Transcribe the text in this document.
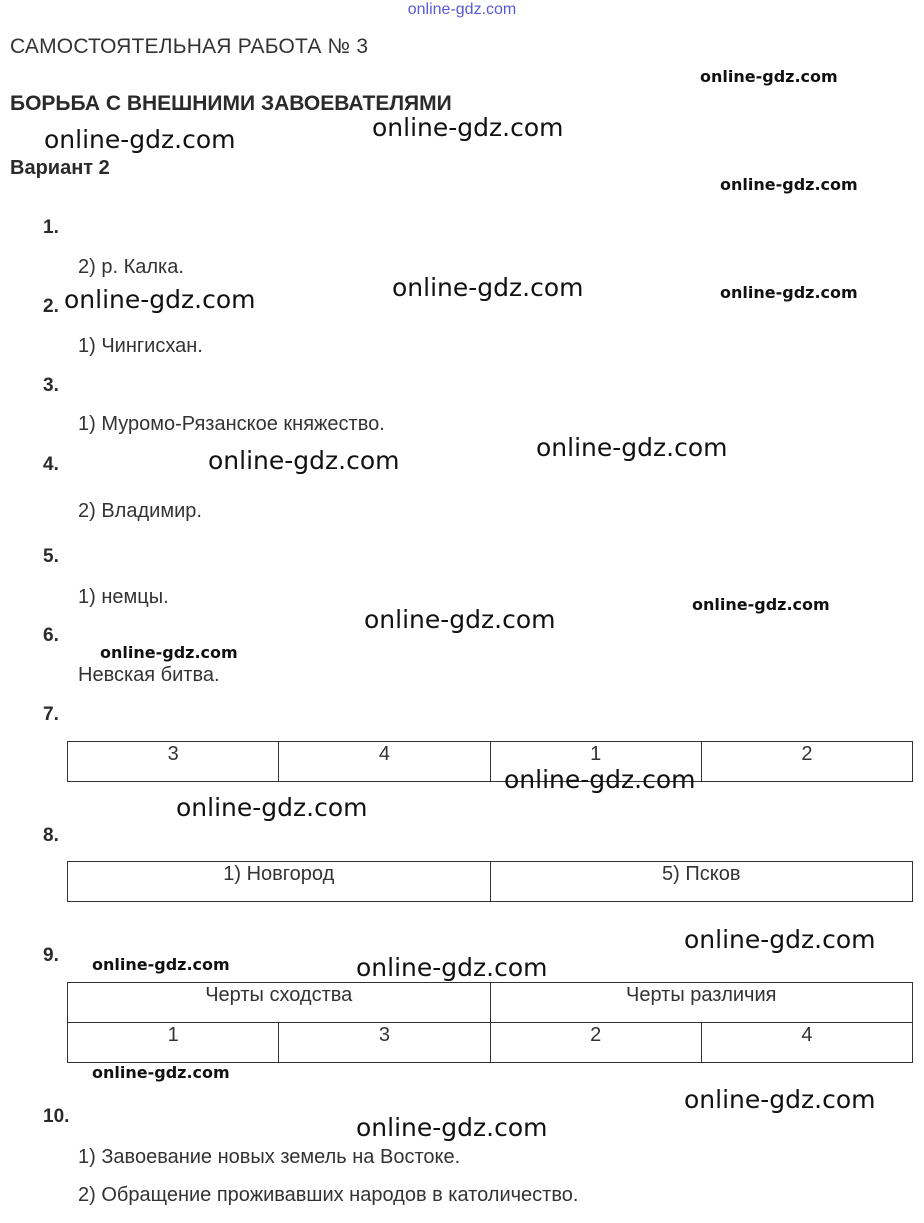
online-gdz.com
САМОСТОЯТЕЛЬНАЯ РАБОТА № 3
БОРЬБА С ВНЕШНИМИ ЗАВОЕВАТЕЛЯМИ
Вариант 2
1.
2.
3.
4.
5.
6.
7.
8.
9.
10.
2) р. Калка.
1) Чингисхан.
1) Муромо-Рязанское княжество.
2) Владимир.
1) немцы.
Невская битва.
1) Завоевание новых земель на Востоке.
2) Обращение проживавших народов в католичество.
3	4	1	2
1) Новгород	5) Псков
Черты сходства		Черты различия	
1	3	2	4
online-gdz.com
online-gdz.com	online-gdz.com
online-gdz.com
online-gdz.com	online-gdz.com	online-gdz.com
online-gdz.com
online-gdz.com
online-gdz.com
online-gdz.com
online-gdz.com
online-gdz.com
online-gdz.com
online-gdz.com
online-gdz.com	online-gdz.com
online-gdz.com
online-gdz.com
online-gdz.com
